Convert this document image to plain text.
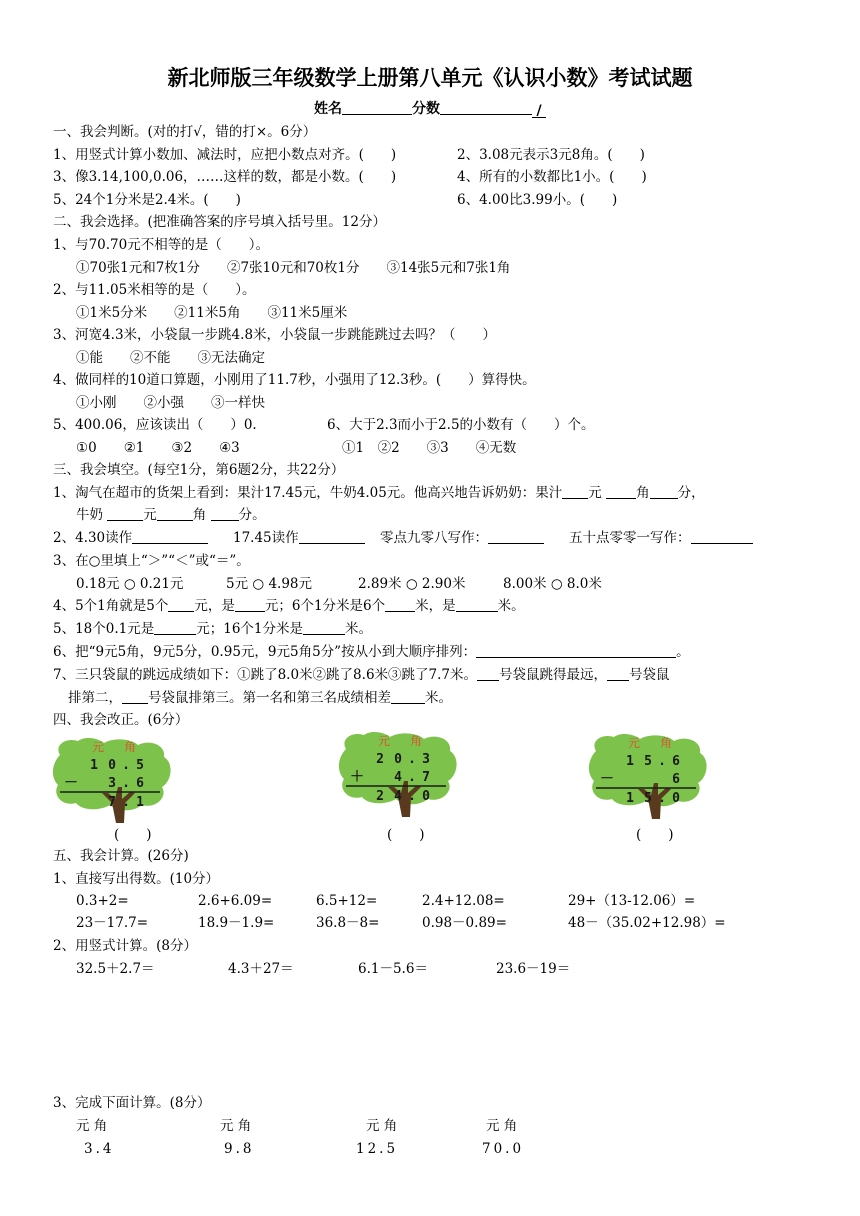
新北师版三年级数学上册第八单元《认识小数》考试试题
姓名	分数	/
一、我会判断。(对的打√，错的打×。6分）
1、用竖式计算小数加、减法时，应把小数点对齐。(　　)	2、3.08元表示3元8角。(　　)
3、像3.14,100,0.06，……这样的数，都是小数。(　　)	4、所有的小数都比1小。(　　)
5、24个1分米是2.4米。(　　)	6、4.00比3.99小。(　　)
二、我会选择。(把准确答案的序号填入括号里。12分）
1、与70.70元不相等的是（　　）。
①70张1元和7枚1分　　②7张10元和70枚1分　　③14张5元和7张1角
2、与11.05米相等的是（　　）。
①1米5分米　　②11米5角　　③11米5厘米
3、河宽4.3米，小袋鼠一步跳4.8米，小袋鼠一步跳能跳过去吗？（　　）
①能　　②不能　　③无法确定
4、做同样的10道口算题，小刚用了11.7秒，小强用了12.3秒。(　　）算得快。
①小刚　　②小强　　③一样快
5、400.06，应该读出（　　）0.	6、大于2.3而小于2.5的小数有（　　）个。
①0　　②1　　③2　　④3	①1　②2　　③3　　④无数
三、我会填空。(每空1分，第6题2分，共22分）
1、淘气在超市的货架上看到：果汁17.45元，牛奶4.05元。他高兴地告诉奶奶：果汁 元	角 分，
牛奶	元	角 分。
2、4.30读作	17.45读作	零点九零八写作：	五十点零零一写作：
3、在○里填上“＞”“＜”或“＝”。
0.18元 ○ 0.21元	5元 ○ 4.98元	2.89米 ○ 2.90米	8.00米 ○ 8.0米
4、5个1角就是5个 元，是 元；6个1分米是6个 米，是	米。
5、18个0.1元是	元；16个1分米是	米。
6、把“9元5角，9元5分，0.95元，9元5角5分”按从小到大顺序排列：	。
7、三只袋鼠的跳远成绩如下：①跳了8.0米②跳了8.6米③跳了7.7米。 号袋鼠跳得最远， 号袋鼠
排第二， 号袋鼠排第三。第一名和第三名成绩相差	米。
四、我会改正。(6分）
元 角
1 0 . 5
－ 3 . 6
7 . 1
元 角
2 0 . 3
＋ 4 . 7
2 4 . 0
元 角
1 5 . 6
－	6
1 5 . 0
(　　)	(　　)	(　　)
五、我会计算。(26分)
1、直接写出得数。(10分）
0.3+2=	2.6+6.09=	6.5+12=	2.4+12.08=	29+（13-12.06）=
23－17.7=	18.9－1.9=	36.8－8=	0.98－0.89=	48－（35.02+12.98）=
2、用竖式计算。(8分）
32.5＋2.7＝	4.3＋27＝	6.1－5.6＝	23.6－19＝
3、完成下面计算。(8分）
元 角	元 角	元 角	元 角
3.4	9.8	12.5	70.0
